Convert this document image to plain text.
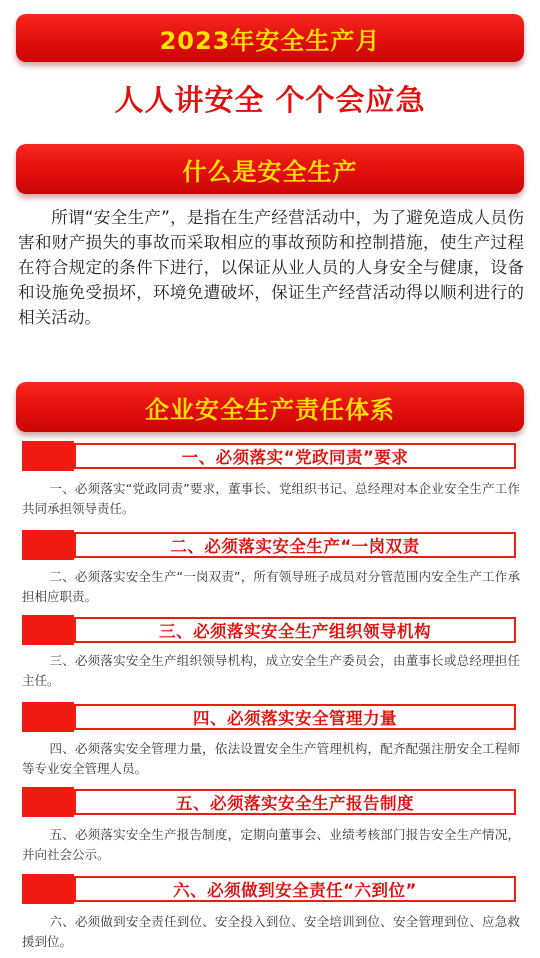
2023年安全生产月
人人讲安全 个个会应急
什么是安全生产

所谓“安全生产”，是指在生产经营活动中，为了避免造成人员伤害和财产损失的事故而采取相应的事故预防和控制措施，使生产过程在符合规定的条件下进行，以保证从业人员的人身安全与健康，设备和设施免受损坏，环境免遭破坏，保证生产经营活动得以顺利进行的相关活动。

企业安全生产责任体系
一、必须落实“党政同责”要求

一、必须落实“党政同责”要求，董事长、党组织书记、总经理对本企业安全生产工作共同承担领导责任。

二、必须落实安全生产“一岗双责

二、必须落实安全生产“一岗双责”，所有领导班子成员对分管范围内安全生产工作承担相应职责。

三、必须落实安全生产组织领导机构

三、必须落实安全生产组织领导机构，成立安全生产委员会，由董事长或总经理担任主任。

四、必须落实安全管理力量

四、必须落实安全管理力量，依法设置安全生产管理机构，配齐配强注册安全工程师等专业安全管理人员。

五、必须落实安全生产报告制度

五、必须落实安全生产报告制度，定期向董事会、业绩考核部门报告安全生产情况，并向社会公示。

六、必须做到安全责任“六到位”

六、必须做到安全责任到位、安全投入到位、安全培训到位、安全管理到位、应急救援到位。
